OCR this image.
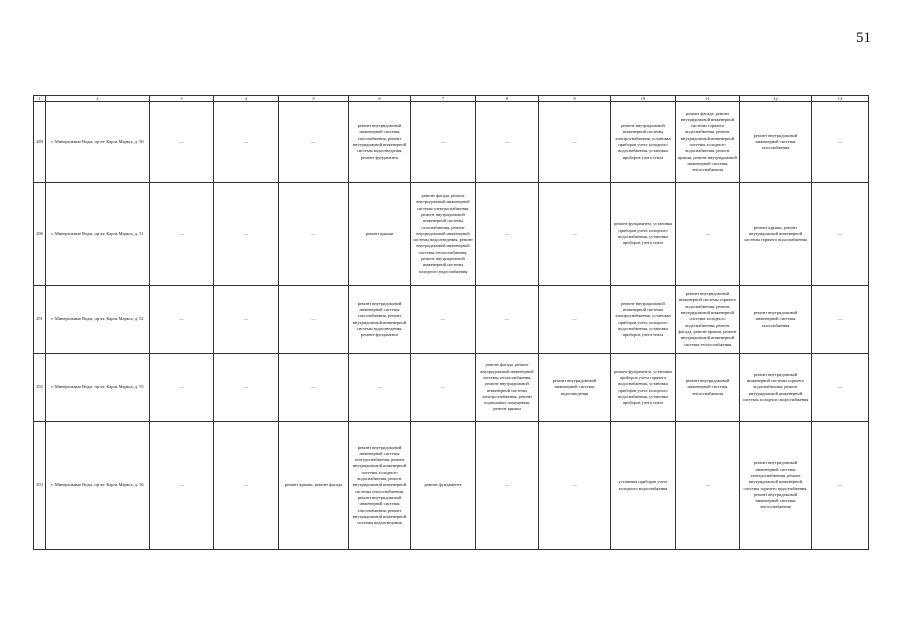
51
1	2	3	4	5	6	7	8	9	10	11	12	13
289	г. Минеральные Воды, пр-кт. Карла Маркса, д. 50	—	—	—	ремонт внутридомовой инженерной системы газоснабжения, ремонт внутридомовой инженерной системы водоотведения, ремонт фундамента	—	—	—	ремонт внутридомовой инженерной системы электроснабжения, установка приборов учета холодного водоснабжения, установка приборов учета тепла	ремонт фасада, ремонт внутридомовой инженерной системы горячего водоснабжения, ремонт внутридомовой инженерной системы холодного водоснабжения, ремонт крыши, ремонт внутридомовой инженерной системы теплоснабжения	ремонт внутридомовой инженерной системы газоснабжения	—
290	г. Минеральные Воды, пр-кт. Карла Маркса, д. 51	—	—	—	ремонт крыши	ремонт фасада, ремонт внутридомовой инженерной системы электроснабжения, ремонт внутридомовой инженерной системы газоснабжения, ремонт внутридомовой инженерной системы водоотведения, ремонт внутридомовой инженерной системы теплоснабжения, ремонт внутридомовой инженерной системы холодного водоснабжения	—	—	ремонт фундамента, установка приборов учета холодного водоснабжения, установка приборов учета тепла	—	ремонт крыши, ремонт внутридомовой инженерной системы горячего водоснабжения	—
291	г. Минеральные Воды, пр-кт. Карла Маркса, д. 52	—	—	—	ремонт внутридомовой инженерной системы газоснабжения, ремонт внутридомовой инженерной системы водоотведения, ремонт фундамента	—	—	—	ремонт внутридомовой инженерной системы электроснабжения, установка приборов учета холодного водоснабжения, установка приборов учета тепла	ремонт внутридомовой инженерной системы горячего водоснабжения, ремонт внутридомовой инженерной системы холодного водоснабжения, ремонт фасада, ремонт крыши, ремонт внутридомовой инженерной системы теплоснабжения	ремонт внутридомовой инженерной системы газоснабжения	—
292	г. Минеральные Воды, пр-кт. Карла Маркса, д. 55	—	—	—	—	—	ремонт фасада, ремонт внутридомовой инженерной системы теплоснабжения, ремонт внутридомовой инженерной системы электроснабжения, ремонт подвальных помещения, ремонт крыши	ремонт внутридомовой инженерной системы водоотведения	ремонт фундамента, установка приборов учета горячего водоснабжения, установка приборов учета холодного водоснабжения, установка приборов учета тепла	ремонт внутридомовой инженерной системы теплоснабжения	ремонт внутридомовой инженерной системы горячего водоснабжения, ремонт внутридомовой инженерной системы холодного водоснабжения	—
293	г. Минеральные Воды, пр-кт. Карла Маркса, д. 56	—	—	ремонт крыши, ремонт фасада	ремонт внутридомовой инженерной системы электроснабжения, ремонт внутридомовой инженерной системы холодного водоснабжения, ремонт внутридомовой инженерной системы теплоснабжения, ремонт внутридомовой инженерной системы газоснабжения, ремонт внутридомовой инженерной системы водоотведения	ремонт фундамента	—	—	установка приборов учета холодного водоснабжения	—	ремонт внутридомовой инженерной системы электроснабжения, ремонт внутридомовой инженерной системы горячего водоснабжения, ремонт внутридомовой инженерной системы теплоснабжения	—
